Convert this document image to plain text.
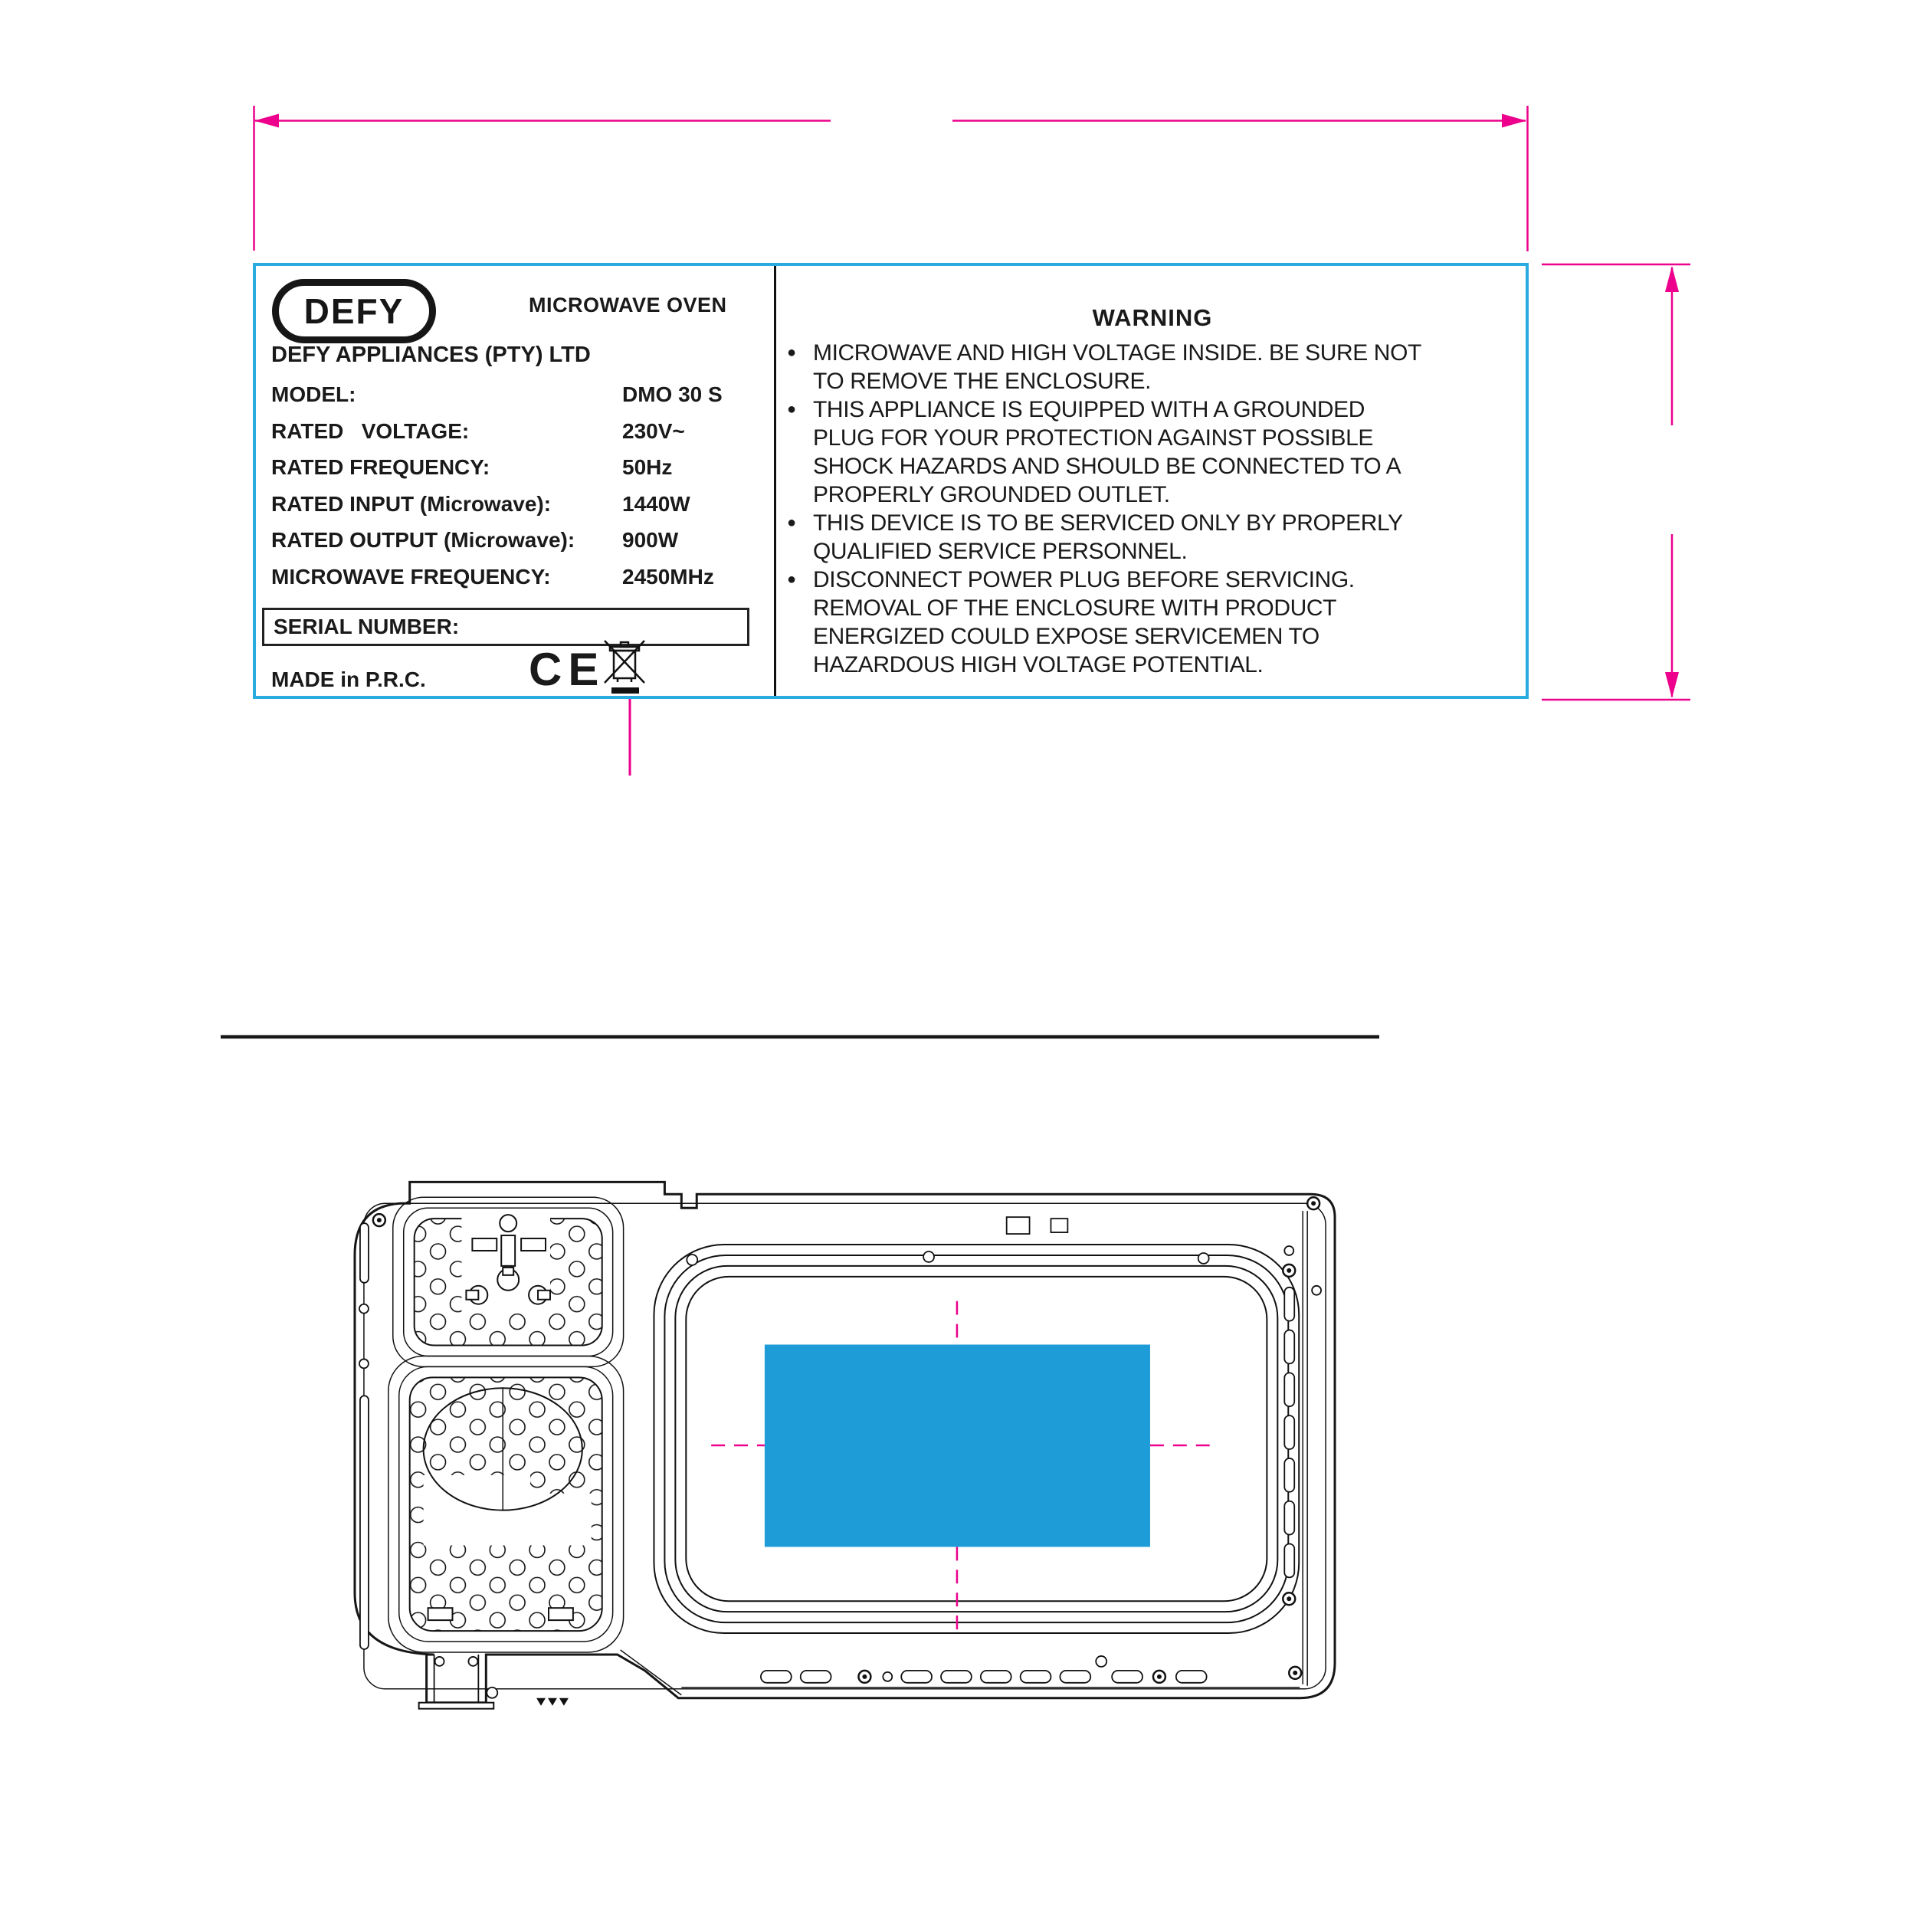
DEFY	MICROWAVE OVEN
DEFY APPLIANCES (PTY) LTD
MODEL:	DMO 30 S
RATED   VOLTAGE:	230V~
RATED FREQUENCY:	50Hz
RATED INPUT (Microwave):	1440W
RATED OUTPUT (Microwave): 900W
MICROWAVE FREQUENCY:	2450MHz
SERIAL NUMBER:
MADE in P.R.C. CE
WARNING
● MICROWAVE AND HIGH VOLTAGE INSIDE. BE SURE NOT
TO REMOVE THE ENCLOSURE.
● THIS APPLIANCE IS EQUIPPED WITH A GROUNDED
PLUG FOR YOUR PROTECTION AGAINST POSSIBLE
SHOCK HAZARDS AND SHOULD BE CONNECTED TO A
PROPERLY GROUNDED OUTLET.
● THIS DEVICE IS TO BE SERVICED ONLY BY PROPERLY
QUALIFIED SERVICE PERSONNEL.
● DISCONNECT POWER PLUG BEFORE SERVICING.
REMOVAL OF THE ENCLOSURE WITH PRODUCT
ENERGIZED COULD EXPOSE SERVICEMEN TO
HAZARDOUS HIGH VOLTAGE POTENTIAL.
